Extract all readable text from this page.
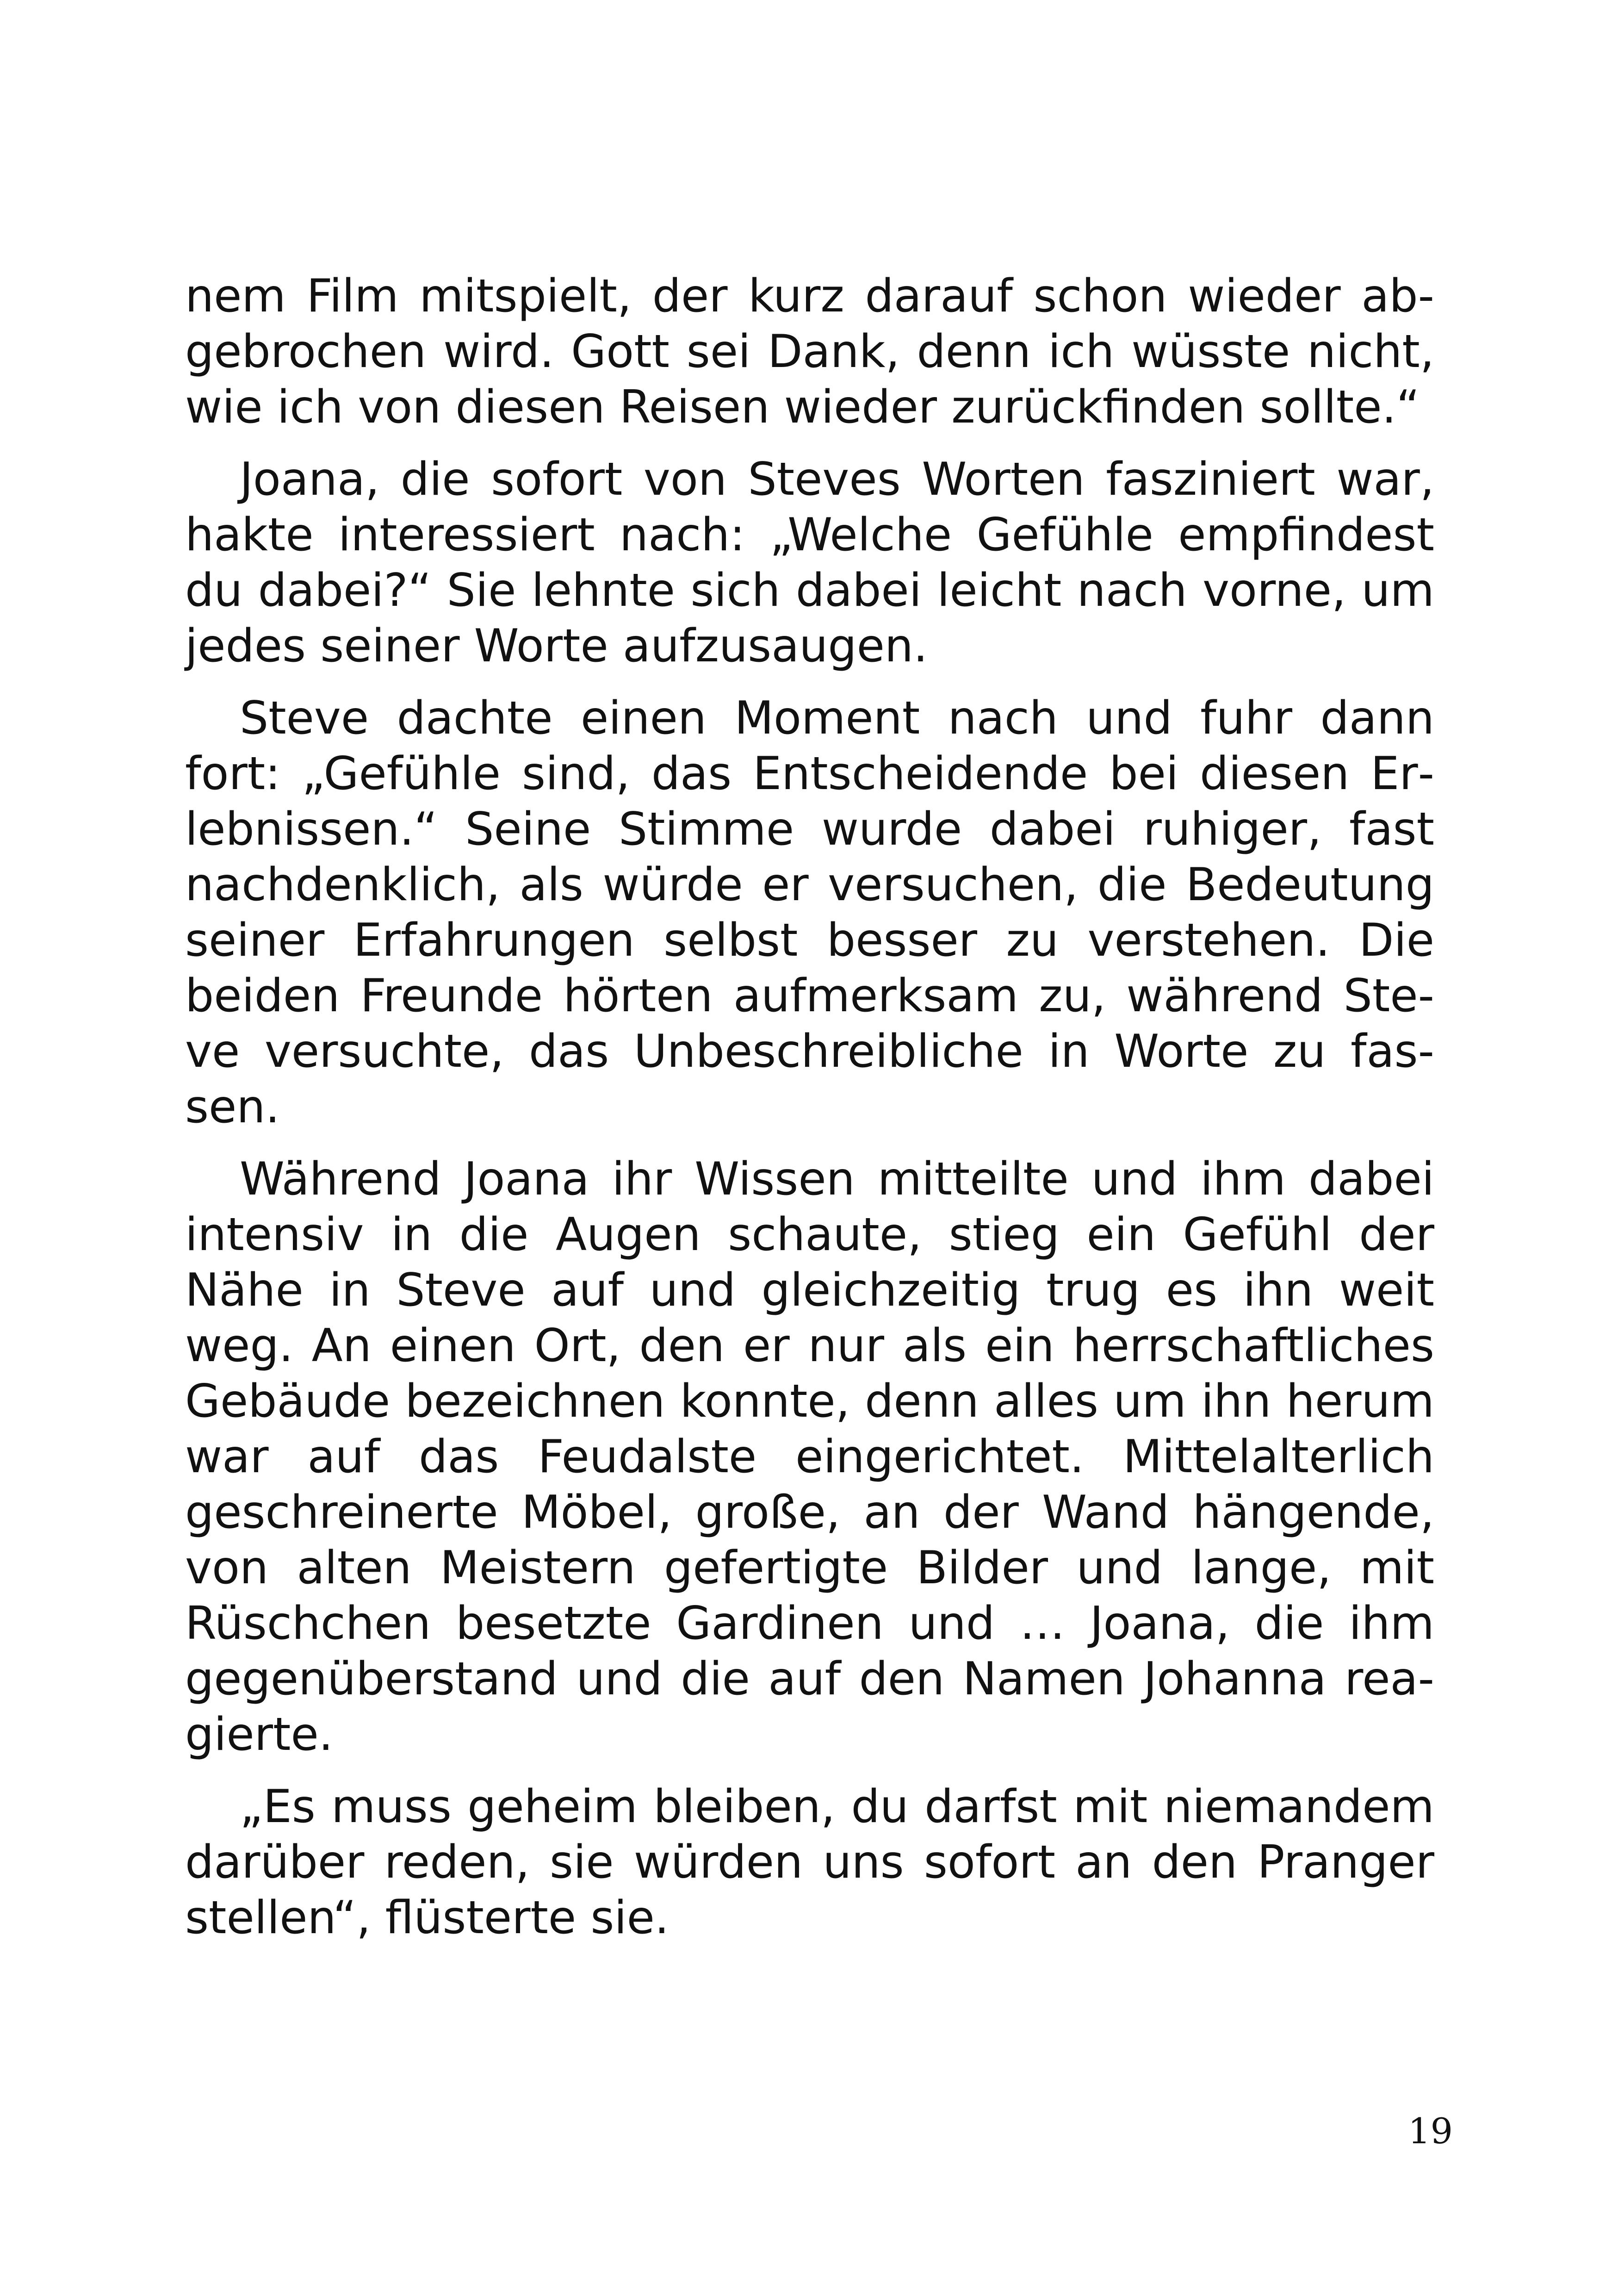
nem Film mitspielt, der kurz darauf schon wieder abgebrochen wird. Gott sei Dank, denn ich wüsste nicht, wie ich von diesen Reisen wieder zurückfinden sollte.“

Joana, die sofort von Steves Worten fasziniert war, hakte interessiert nach: „Welche Gefühle empfindest du dabei?“ Sie lehnte sich dabei leicht nach vorne, um jedes seiner Worte aufzusaugen.

Steve dachte einen Moment nach und fuhr dann fort: „Gefühle sind, das Entscheidende bei diesen Erlebnissen.“ Seine Stimme wurde dabei ruhiger, fast nachdenklich, als würde er versuchen, die Bedeutung seiner Erfahrungen selbst besser zu verstehen. Die beiden Freunde hörten aufmerksam zu, während Steve versuchte, das Unbeschreibliche in Worte zu fassen.

Während Joana ihr Wissen mitteilte und ihm dabei intensiv in die Augen schaute, stieg ein Gefühl der Nähe in Steve auf und gleichzeitig trug es ihn weit weg. An einen Ort, den er nur als ein herrschaftliches Gebäude bezeichnen konnte, denn alles um ihn herum war auf das Feudalste eingerichtet. Mittelalterlich geschreinerte Möbel, große, an der Wand hängende, von alten Meistern gefertigte Bilder und lange, mit Rüschchen besetzte Gardinen und … Joana, die ihm gegenüberstand und die auf den Namen Johanna reagierte.

„Es muss geheim bleiben, du darfst mit niemandem darüber reden, sie würden uns sofort an den Pranger stellen“, flüsterte sie.

19
